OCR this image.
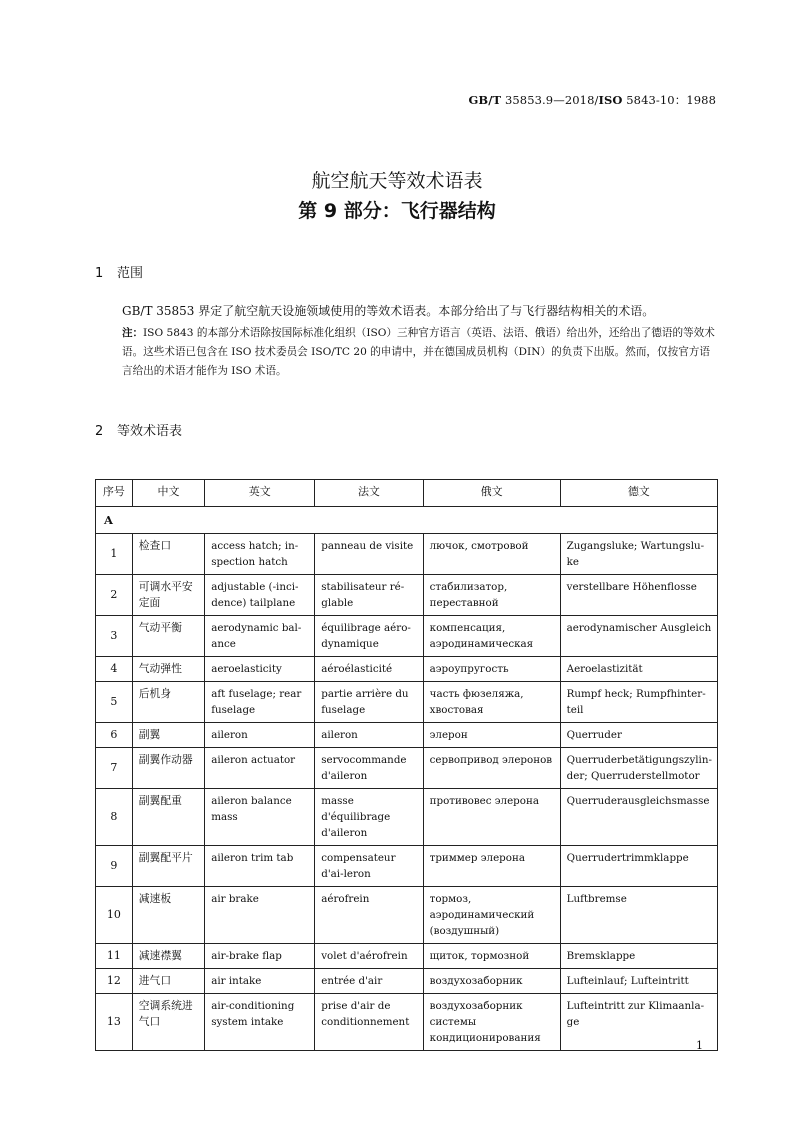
GB/T 35853.9—2018/ISO 5843-10：1988
航空航天等效术语表
第 9 部分：飞行器结构
1 范围
GB/T 35853 界定了航空航天设施领域使用的等效术语表。本部分给出了与飞行器结构相关的术语。
注：ISO 5843 的本部分术语除按国际标准化组织（ISO）三种官方语言（英语、法语、俄语）给出外，还给出了德语的等效术语。这些术语已包含在 ISO 技术委员会 ISO/TC 20 的申请中，并在德国成员机构（DIN）的负责下出版。然而，仅按官方语言给出的术语才能作为 ISO 术语。
2 等效术语表
序号	中文	英文	法文	俄文	德文
A					
1	检查口	access hatch; in-spection hatch	panneau de visite	лючок, смотровой	Zugangsluke; Wartungslu-ke
2	可调水平安定面	adjustable (-inci-dence) tailplane	stabilisateur ré-glable	стабилизатор, переставной	verstellbare Höhenflosse
3	气动平衡	aerodynamic bal-ance	équilibrage aéro-dynamique	компенсация, аэродинамическая	aerodynamischer Ausgleich
4	气动弹性	aeroelasticity	aéroélasticité	аэроупругость	Aeroelastizität
5	后机身	aft fuselage; rear fuselage	partie arrière du fuselage	часть фюзеляжа, хвостовая	Rumpf heck; Rumpfhinter-teil
6	副翼	aileron	aileron	элерон	Querruder
7	副翼作动器	aileron actuator	servocommande d'aileron	сервопривод элеронов	Querruderbetätigungszylin-der; Querruderstellmotor
8	副翼配重	aileron balance mass	masse d'équilibrage d'aileron	противовес элерона	Querruderausgleichsmasse
9	副翼配平片	aileron trim tab	compensateur d'ai-leron	триммер элерона	Querrudertrimmklappe
10	减速板	air brake	aérofrein	тормоз, аэродинамический (воздушный)	Luftbremse
11	减速襟翼	air-brake flap	volet d'aérofrein	щиток, тормозной	Bremsklappe
12	进气口	air intake	entrée d'air	воздухозаборник	Lufteinlauf; Lufteintritt
13	空调系统进气口	air-conditioning system intake	prise d'air de conditionnement	воздухозаборник системы кондиционирования	Lufteintritt zur Klimaanla-ge
1
